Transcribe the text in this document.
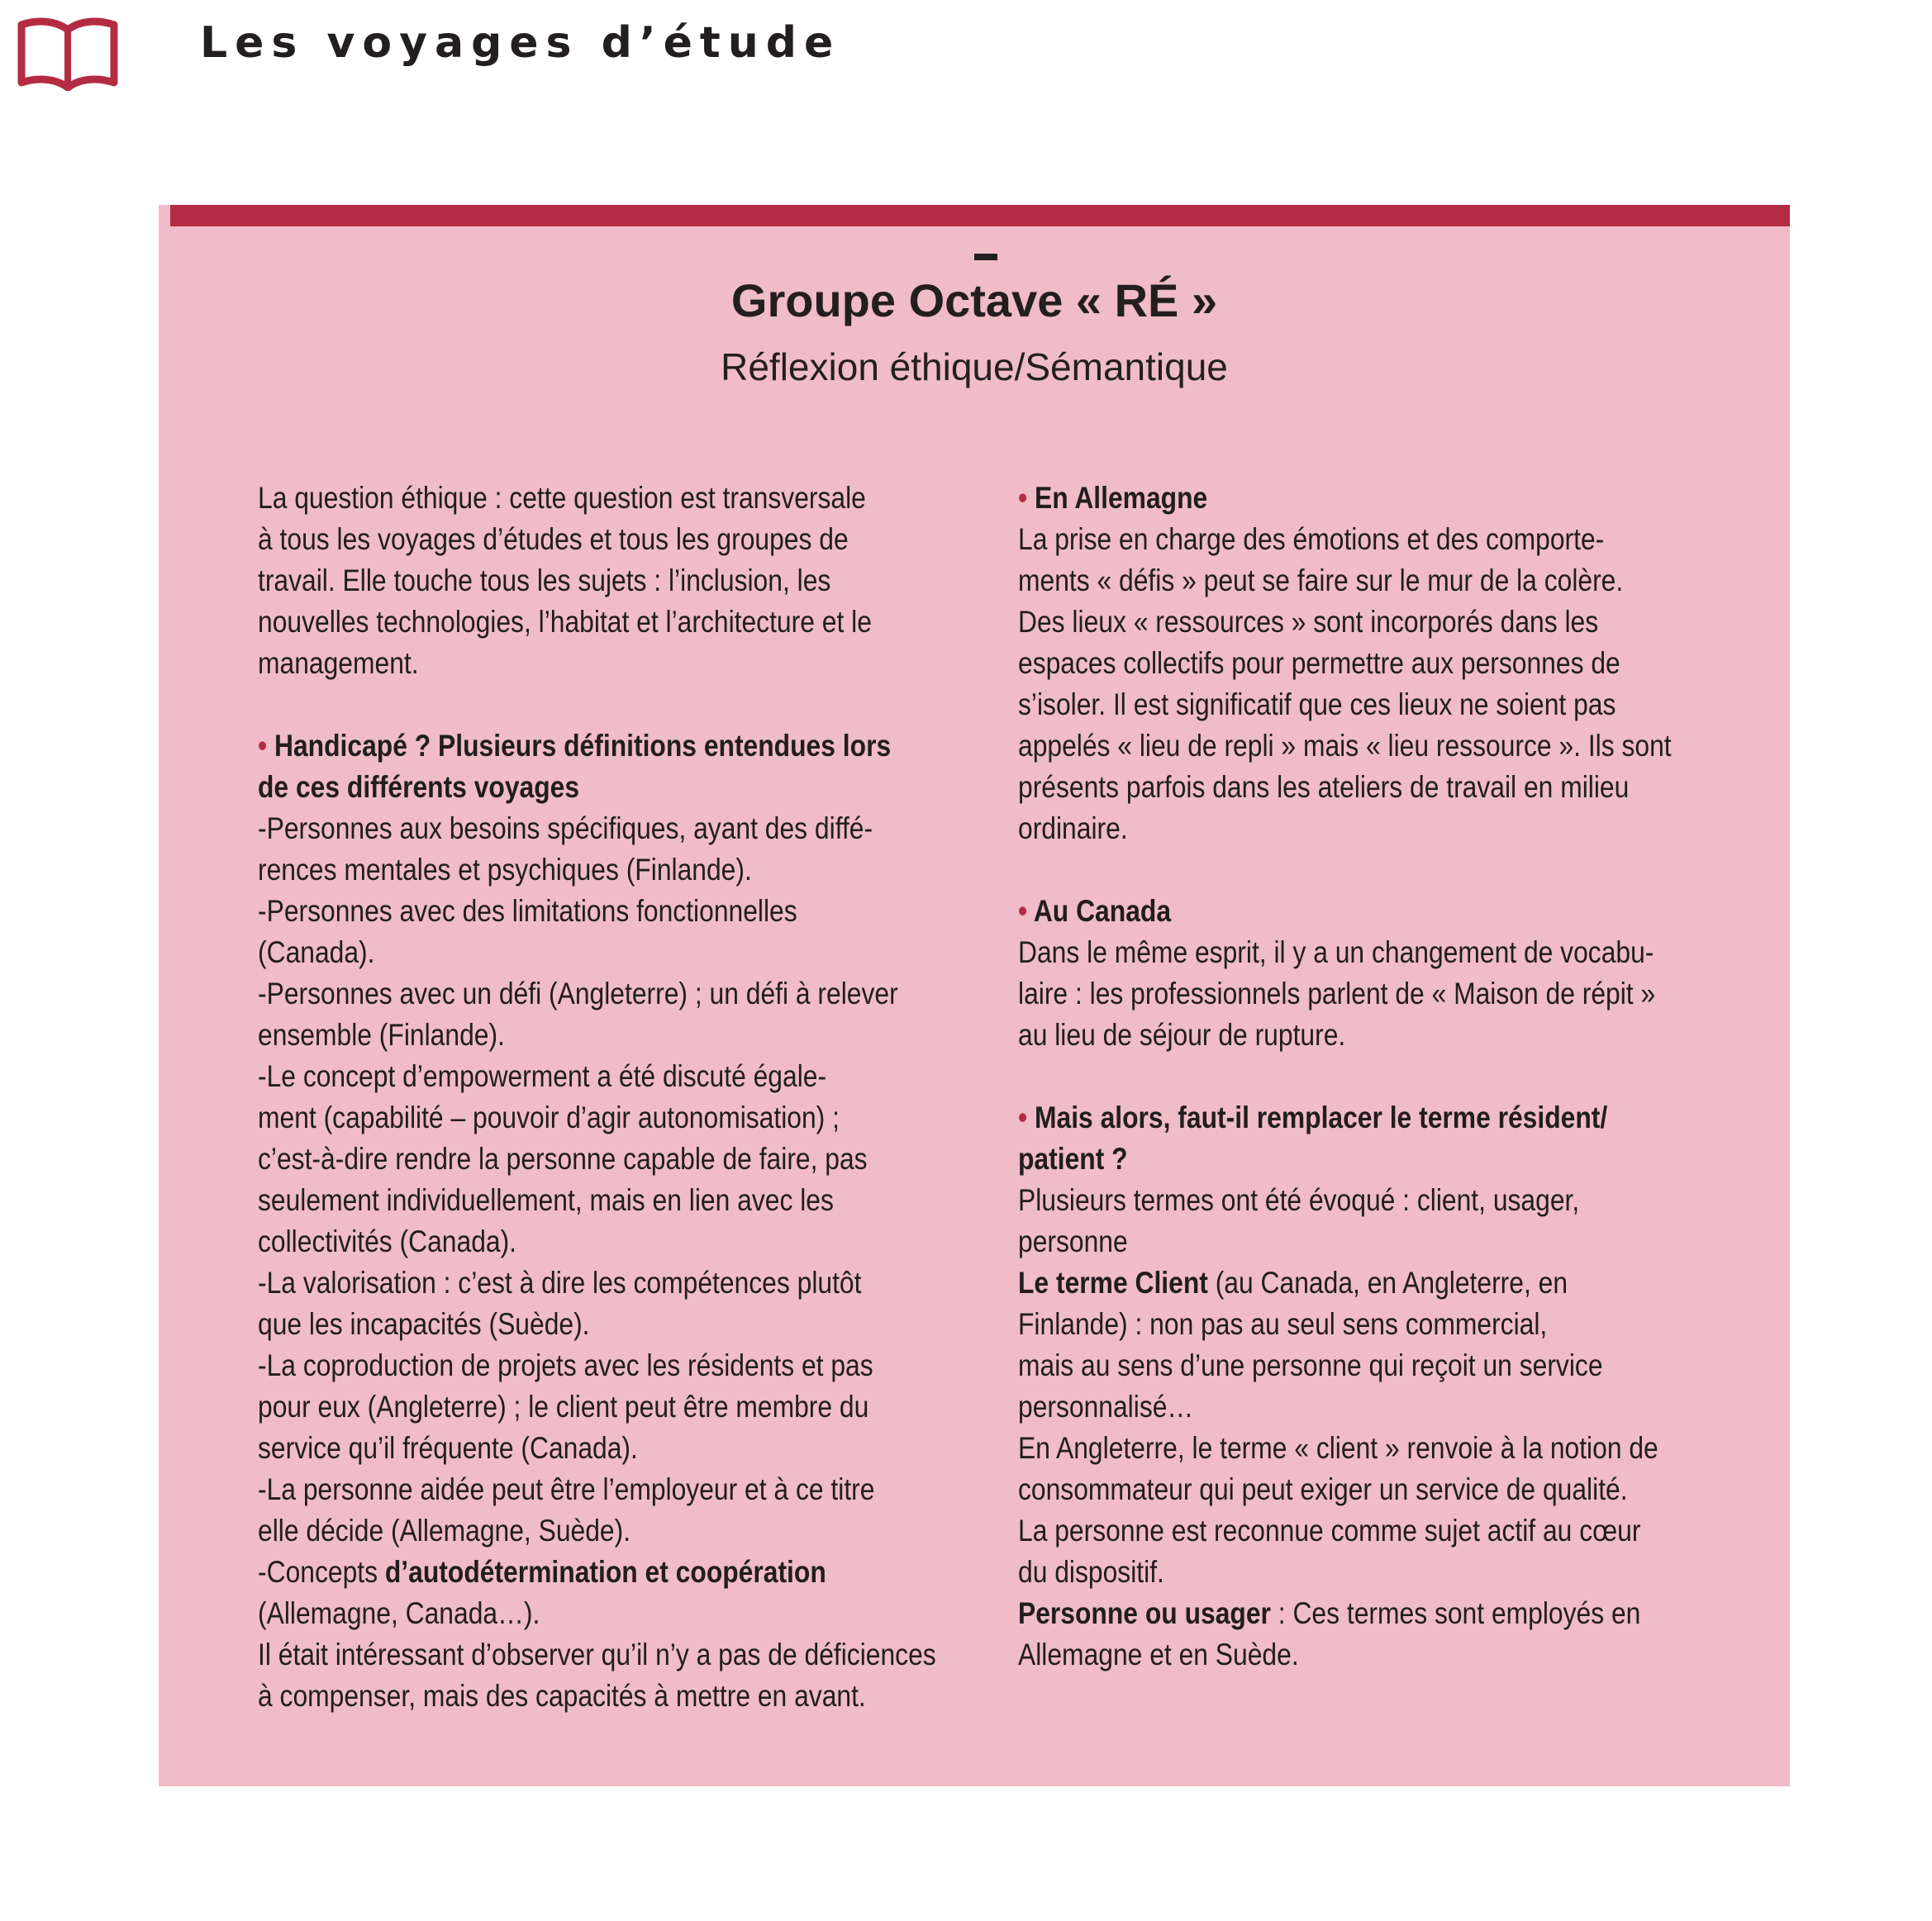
Les voyages d’étude
Groupe Octave « RÉ »
Réflexion éthique/Sémantique

La question éthique : cette question est transversale

à tous les voyages d’études et tous les groupes de

travail. Elle touche tous les sujets : l’inclusion, les

nouvelles technologies, l’habitat et l’architecture et le

management.

• Handicapé ? Plusieurs définitions entendues lors

de ces différents voyages

-Personnes aux besoins spécifiques, ayant des diffé-

rences mentales et psychiques (Finlande).

-Personnes avec des limitations fonctionnelles

(Canada).

-Personnes avec un défi (Angleterre) ; un défi à relever

ensemble (Finlande).

-Le concept d’empowerment a été discuté égale-

ment (capabilité – pouvoir d’agir autonomisation) ;

c’est-à-dire rendre la personne capable de faire, pas

seulement individuellement, mais en lien avec les

collectivités (Canada).

-La valorisation : c’est à dire les compétences plutôt

que les incapacités (Suède).

-La coproduction de projets avec les résidents et pas

pour eux (Angleterre) ; le client peut être membre du

service qu’il fréquente (Canada).

-La personne aidée peut être l’employeur et à ce titre

elle décide (Allemagne, Suède).

-Concepts d’autodétermination et coopération

(Allemagne, Canada…).

Il était intéressant d’observer qu’il n’y a pas de déficiences

à compenser, mais des capacités à mettre en avant.

• En Allemagne

La prise en charge des émotions et des comporte-

ments « défis » peut se faire sur le mur de la colère.

Des lieux « ressources » sont incorporés dans les

espaces collectifs pour permettre aux personnes de

s’isoler. Il est significatif que ces lieux ne soient pas

appelés « lieu de repli » mais « lieu ressource ». Ils sont

présents parfois dans les ateliers de travail en milieu

ordinaire.

• Au Canada

Dans le même esprit, il y a un changement de vocabu-

laire : les professionnels parlent de « Maison de répit »

au lieu de séjour de rupture.

• Mais alors, faut-il remplacer le terme résident/

patient ?

Plusieurs termes ont été évoqué : client, usager,

personne

Le terme Client (au Canada, en Angleterre, en

Finlande) : non pas au seul sens commercial,

mais au sens d’une personne qui reçoit un service

personnalisé…

En Angleterre, le terme « client » renvoie à la notion de

consommateur qui peut exiger un service de qualité.

La personne est reconnue comme sujet actif au cœur

du dispositif.

Personne ou usager : Ces termes sont employés en

Allemagne et en Suède.
